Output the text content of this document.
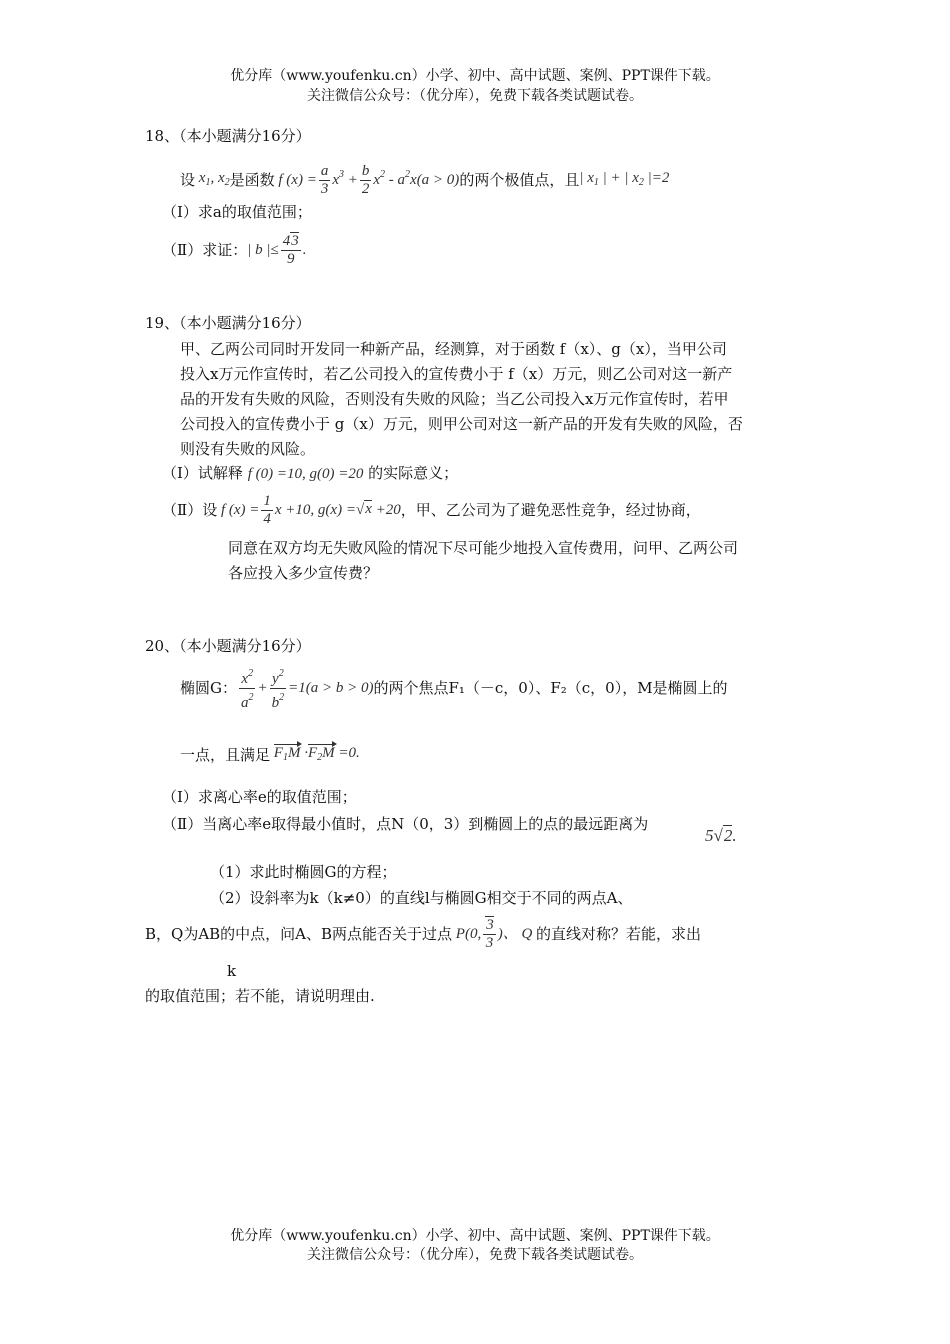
优分库（www.youfenku.cn）小学、初中、高中试题、案例、PPT课件下载。
关注微信公众号：（优分库），免费下载各类试题试卷。
18、（本小题满分16分）
设 $x_1$, $x_2$ 是函数 f $(x) = \frac{a}{3} x^3 + \frac{b}{2} x^2 - a^2x(a > 0)$ 的两个极值点，且 | $x_1$ | + | $x_2$ |=2
（Ⅰ）求a的取值范围；
（Ⅱ）求证： | b |≤ $\frac{43}{9}$ .
19、（本小题满分16分）
甲、乙两公司同时开发同一种新产品，经测算，对于函数 f（x）、g（x），当甲公司
投入x万元作宣传时，若乙公司投入的宣传费小于 f（x）万元，则乙公司对这一新产
品的开发有失败的风险，否则没有失败的风险；当乙公司投入x万元作宣传时，若甲
公司投入的宣传费小于 g（x）万元，则甲公司对这一新产品的开发有失败的风险，否
则没有失败的风险。
（Ⅰ）试解释 f (0) =10, g(0) =20 的实际意义；
（Ⅱ）设 f $(x) = \frac{1}{4}$ x +10, g(x) =√x +20 ，甲、乙公司为了避免恶性竞争，经过协商，
同意在双方均无失败风险的情况下尽可能少地投入宣传费用，问甲、乙两公司
各应投入多少宣传费？
20、（本小题满分16分）
椭圆G： $\frac{x^2}{a^2} + \frac{y^2}{b^2} =1(a > b > 0)$ 的两个焦点F₁（－c，0）、F₂（c，0），M是椭圆上的
一点，且满足 $F_1M \cdot F_2M =0$.
（Ⅰ）求离心率e的取值范围；
（Ⅱ）当离心率e取得最小值时，点N（0，3）到椭圆上的点的最远距离为
5√2.
（1）求此时椭圆G的方程；
（2）设斜率为k（k≠0）的直线l与椭圆G相交于不同的两点A、
B，Q为AB的中点，问A、B两点能否关于过点 P(0, $\frac{3}{3}$ )、 Q 的直线对称？若能，求出
k
的取值范围；若不能，请说明理由.
优分库（www.youfenku.cn）小学、初中、高中试题、案例、PPT课件下载。
关注微信公众号：（优分库），免费下载各类试题试卷。
